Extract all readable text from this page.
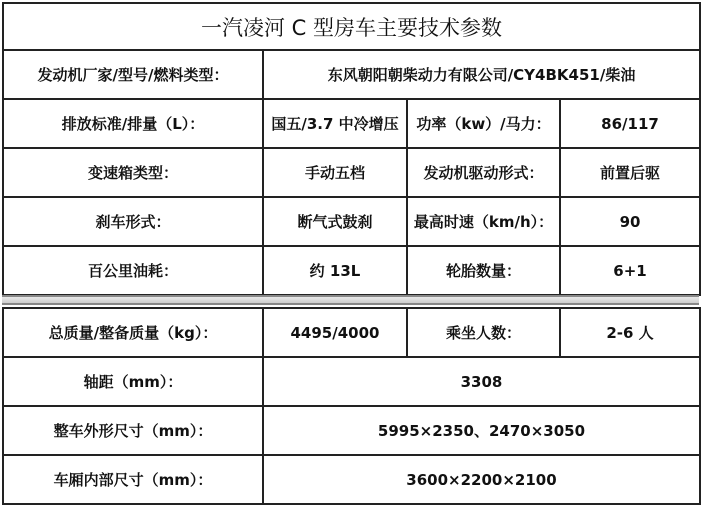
一汽凌河 C 型房车主要技术参数			
发动机厂家/型号/燃料类型：	东风朝阳朝柴动力有限公司/CY4BK451/柴油		
排放标准/排量（L）：	国五/3.7 中冷增压	功率（kw）/马力：	86/117
变速箱类型：	手动五档	发动机驱动形式：	前置后驱
刹车形式：	断气式鼓刹	最高时速（km/h）：	90
百公里油耗：	约 13L	轮胎数量：	6+1
总质量/整备质量（kg）：	4495/4000	乘坐人数：	2-6 人
轴距（mm）：	3308		
整车外形尺寸（mm）：	5995×2350、2470×3050		
车厢内部尺寸（mm）：	3600×2200×2100		
